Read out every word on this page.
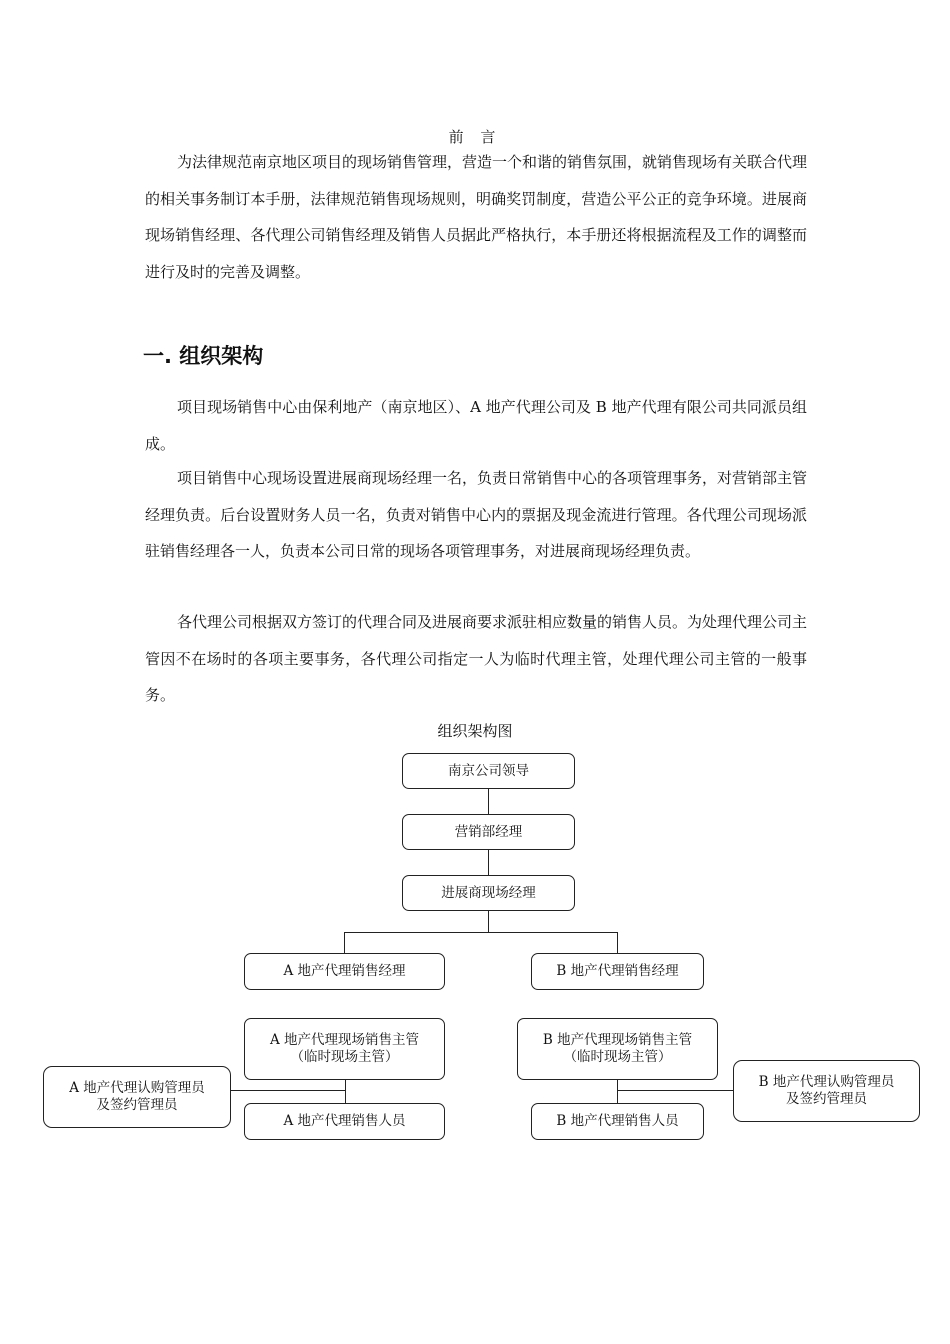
前 言

为法律规范南京地区项目的现场销售管理，营造一个和谐的销售氛围，就销售现场有关联合代理的相关事务制订本手册，法律规范销售现场规则，明确奖罚制度，营造公平公正的竞争环境。进展商现场销售经理、各代理公司销售经理及销售人员据此严格执行，本手册还将根据流程及工作的调整而进行及时的完善及调整。

一. 组织架构

项目现场销售中心由保利地产（南京地区）、A 地产代理公司及 B 地产代理有限公司共同派员组成。

项目销售中心现场设置进展商现场经理一名，负责日常销售中心的各项管理事务，对营销部主管经理负责。后台设置财务人员一名，负责对销售中心内的票据及现金流进行管理。各代理公司现场派驻销售经理各一人，负责本公司日常的现场各项管理事务，对进展商现场经理负责。

各代理公司根据双方签订的代理合同及进展商要求派驻相应数量的销售人员。为处理代理公司主管因不在场时的各项主要事务，各代理公司指定一人为临时代理主管，处理代理公司主管的一般事务。

组织架构图
南京公司领导
营销部经理
进展商现场经理
A 地产代理销售经理	B 地产代理销售经理
A 地产代理现场销售主管
（临时现场主管）
B 地产代理现场销售主管
（临时现场主管）
A 地产代理认购管理员
及签约管理员
B 地产代理认购管理员
及签约管理员
A 地产代理销售人员	B 地产代理销售人员
